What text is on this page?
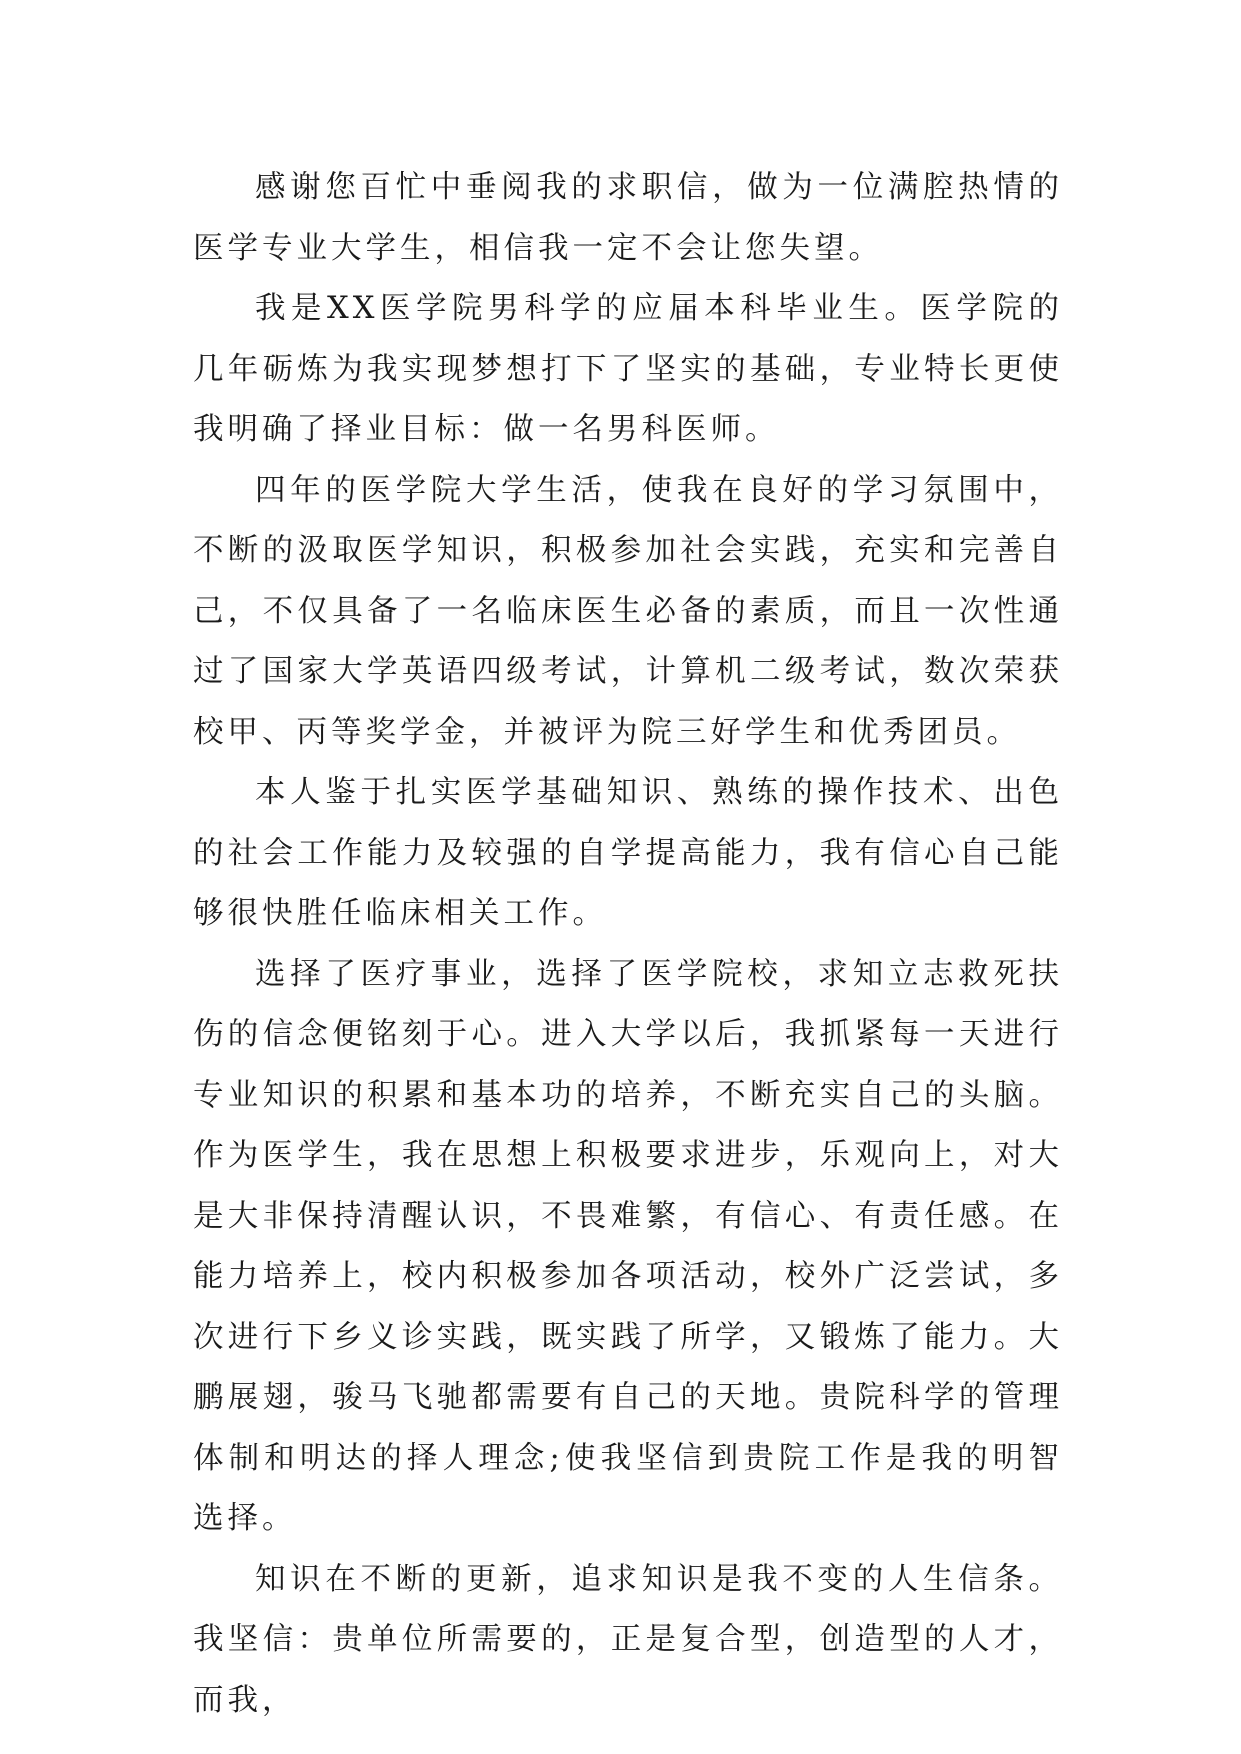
感谢您百忙中垂阅我的求职信，做为一位满腔热情的医学专业大学生，相信我一定不会让您失望。

我是XX医学院男科学的应届本科毕业生。医学院的几年砺炼为我实现梦想打下了坚实的基础，专业特长更使我明确了择业目标：做一名男科医师。

四年的医学院大学生活，使我在良好的学习氛围中，不断的汲取医学知识，积极参加社会实践，充实和完善自己，不仅具备了一名临床医生必备的素质，而且一次性通过了国家大学英语四级考试，计算机二级考试，数次荣获校甲、丙等奖学金，并被评为院三好学生和优秀团员。

本人鉴于扎实医学基础知识、熟练的操作技术、出色的社会工作能力及较强的自学提高能力，我有信心自己能够很快胜任临床相关工作。

选择了医疗事业，选择了医学院校，求知立志救死扶伤的信念便铭刻于心。进入大学以后，我抓紧每一天进行专业知识的积累和基本功的培养，不断充实自己的头脑。作为医学生，我在思想上积极要求进步，乐观向上，对大是大非保持清醒认识，不畏难繁，有信心、有责任感。在能力培养上，校内积极参加各项活动，校外广泛尝试，多次进行下乡义诊实践，既实践了所学，又锻炼了能力。大鹏展翅，骏马飞驰都需要有自己的天地。贵院科学的管理体制和明达的择人理念;使我坚信到贵院工作是我的明智选择。

知识在不断的更新，追求知识是我不变的人生信条。我坚信：贵单位所需要的，正是复合型，创造型的人才，而我，
